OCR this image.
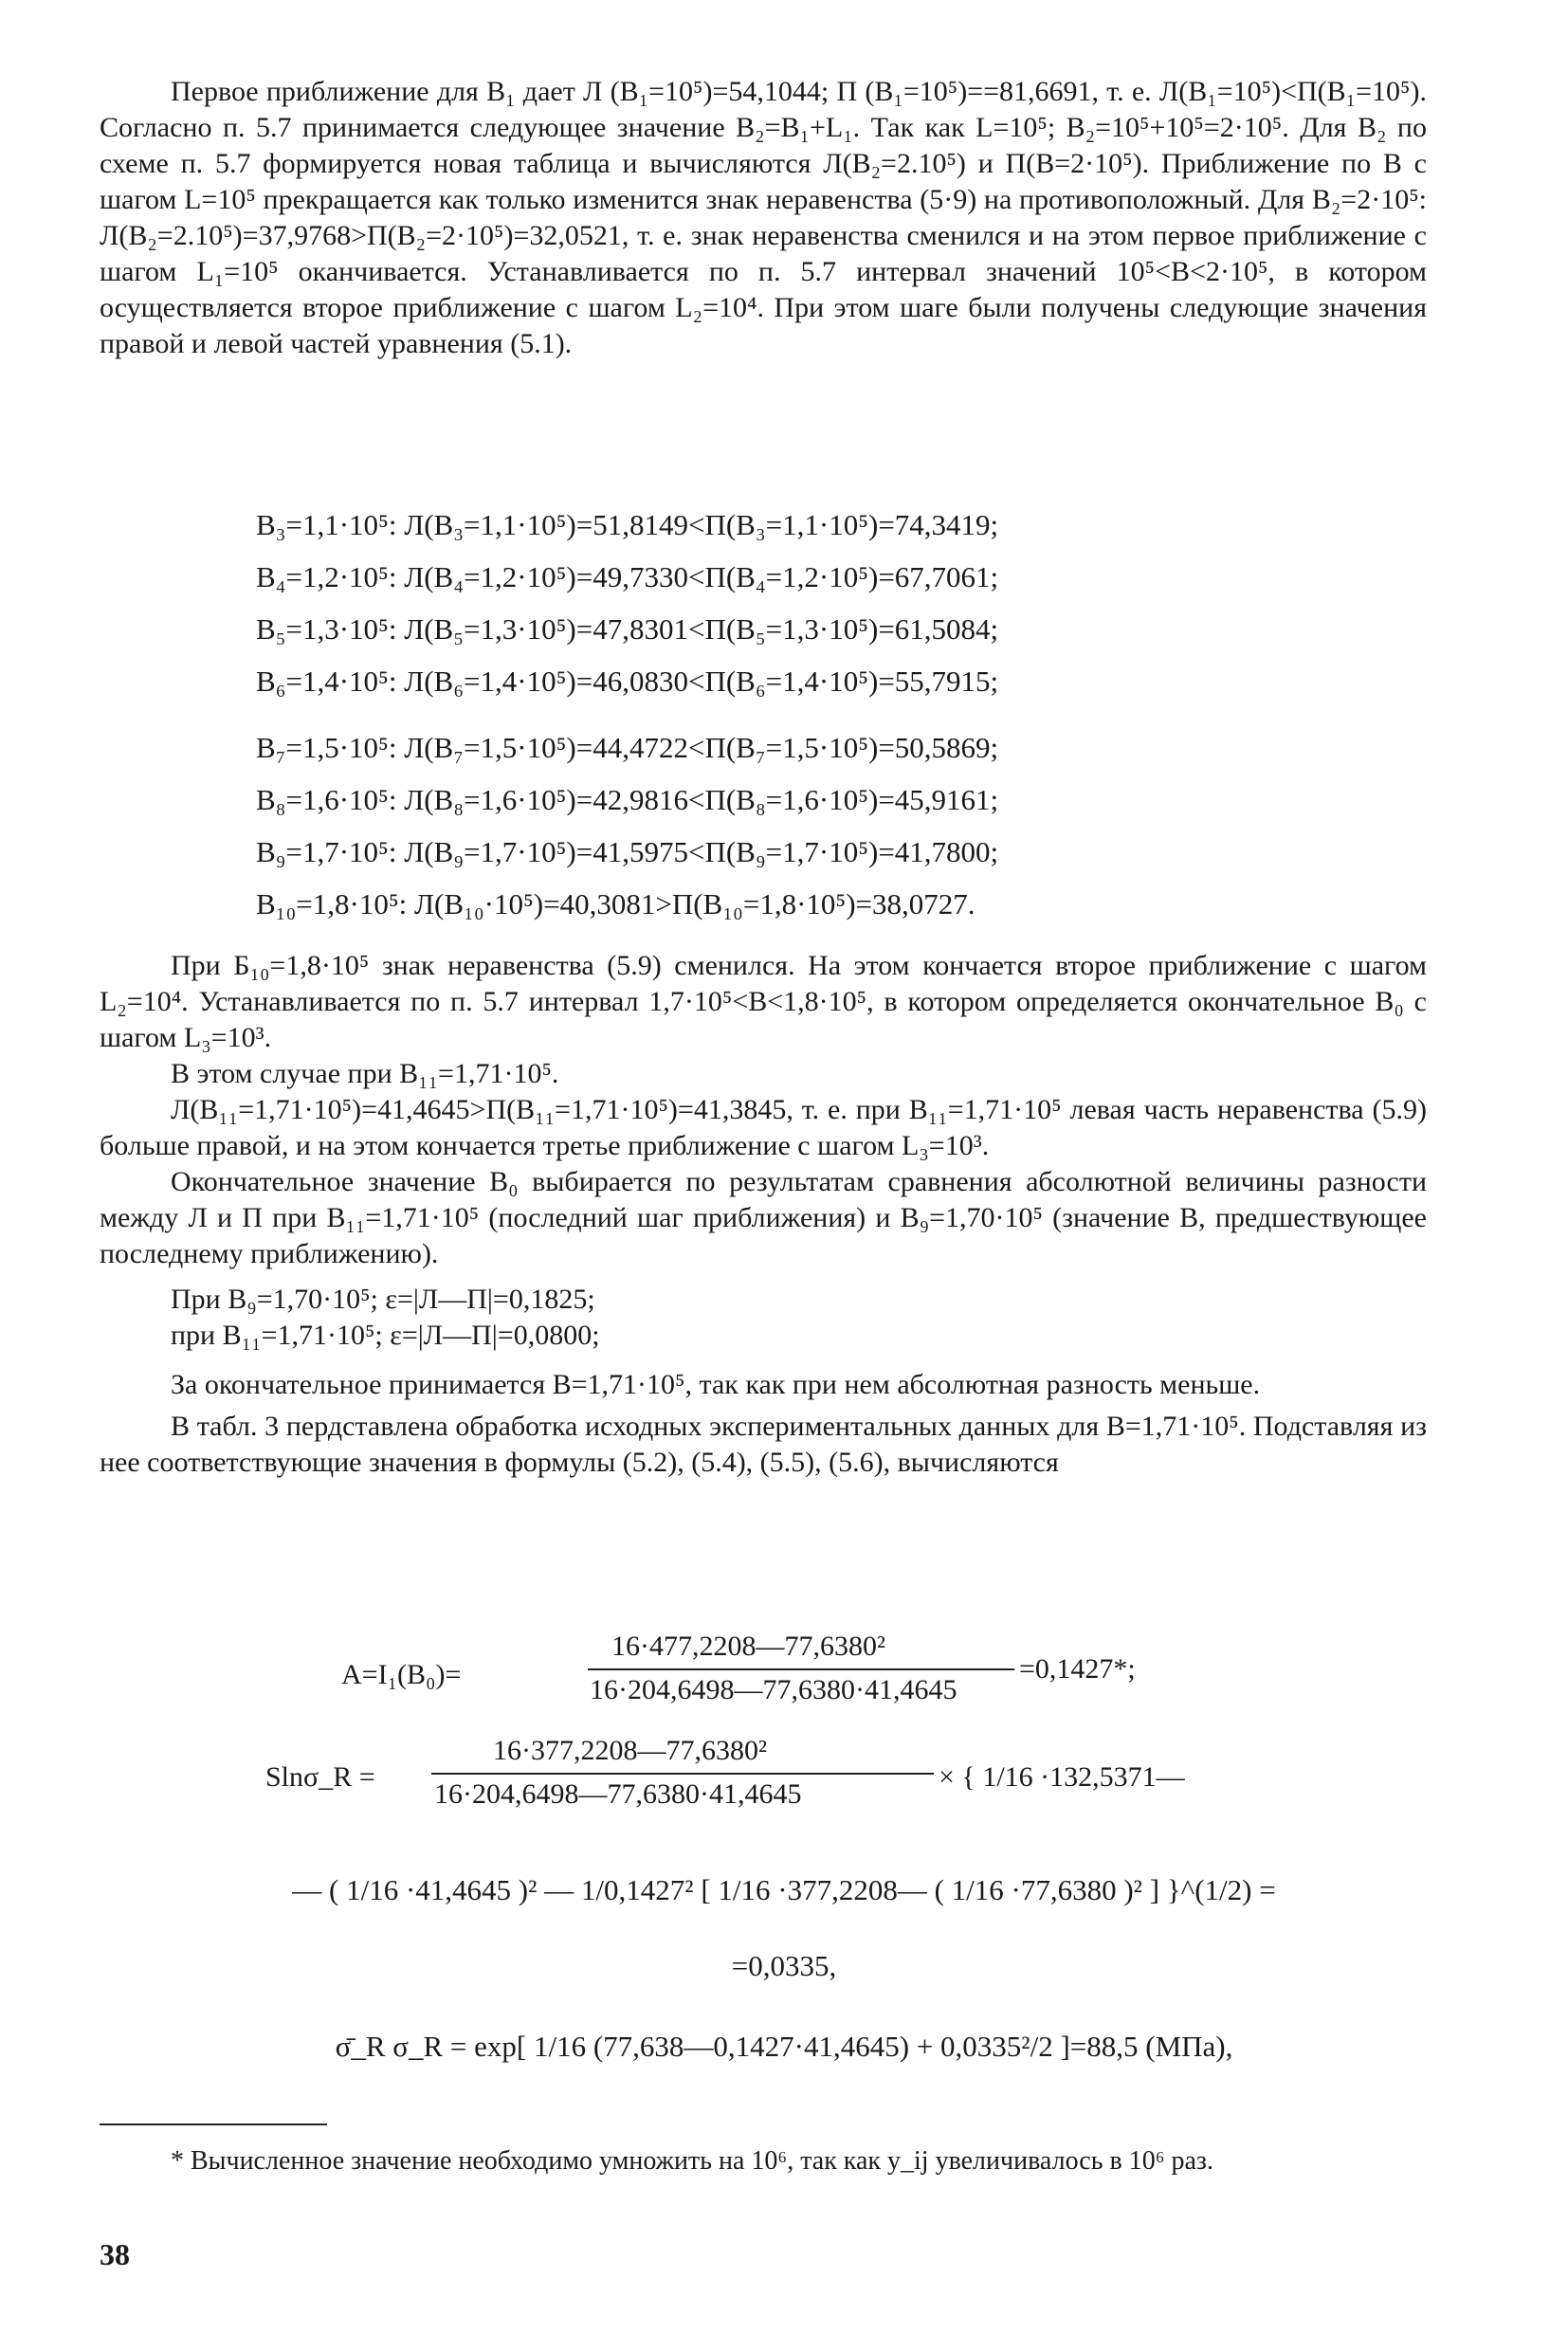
Первое приближение для B₁ дает Л (B₁=10⁵)=54,1044; П (B₁=10⁵)==81,6691, т. е. Л(B₁=10⁵)<П(B₁=10⁵). Согласно п. 5.7 принимается следующее значение B₂=B₁+L₁. Так как L=10⁵; B₂=10⁵+10⁵=2·10⁵. Для B₂ по схеме п. 5.7 формируется новая таблица и вычисляются Л(B₂=2.10⁵) и П(B=2·10⁵). Приближение по B с шагом L=10⁵ прекращается как только изменится знак неравенства (5·9) на противоположный. Для B₂=2·10⁵: Л(B₂=2.10⁵)=37,9768>П(B₂=2·10⁵)=32,0521, т. е. знак неравенства сменился и на этом первое приближение с шагом L₁=10⁵ оканчивается. Устанавливается по п. 5.7 интервал значений 10⁵<B<2·10⁵, в котором осуществляется второе приближение с шагом L₂=10⁴. При этом шаге были получены следующие значения правой и левой частей уравнения (5.1).

B₃=1,1·10⁵: Л(B₃=1,1·10⁵)=51,8149<П(B₃=1,1·10⁵)=74,3419;
B₄=1,2·10⁵: Л(B₄=1,2·10⁵)=49,7330<П(B₄=1,2·10⁵)=67,7061;
B₅=1,3·10⁵: Л(B₅=1,3·10⁵)=47,8301<П(B₅=1,3·10⁵)=61,5084;
B₆=1,4·10⁵: Л(B₆=1,4·10⁵)=46,0830<П(B₆=1,4·10⁵)=55,7915;
B₇=1,5·10⁵: Л(B₇=1,5·10⁵)=44,4722<П(B₇=1,5·10⁵)=50,5869;
B₈=1,6·10⁵: Л(B₈=1,6·10⁵)=42,9816<П(B₈=1,6·10⁵)=45,9161;
B₉=1,7·10⁵: Л(B₉=1,7·10⁵)=41,5975<П(B₉=1,7·10⁵)=41,7800;
B₁₀=1,8·10⁵: Л(B₁₀·10⁵)=40,3081>П(B₁₀=1,8·10⁵)=38,0727.

При Б₁₀=1,8·10⁵ знак неравенства (5.9) сменился. На этом кончается второе приближение с шагом L₂=10⁴. Устанавливается по п. 5.7 интервал 1,7·10⁵<B<1,8·10⁵, в котором определяется окончательное B₀ с шагом L₃=10³.

В этом случае при B₁₁=1,71·10⁵.

Л(B₁₁=1,71·10⁵)=41,4645>П(B₁₁=1,71·10⁵)=41,3845, т. е. при B₁₁=1,71·10⁵ левая часть неравенства (5.9) больше правой, и на этом кончается третье приближение с шагом L₃=10³.

Окончательное значение B₀ выбирается по результатам сравнения абсолютной величины разности между Л и П при B₁₁=1,71·10⁵ (последний шаг приближения) и B₉=1,70·10⁵ (значение B, предшествующее последнему приближению).

При B₉=1,70·10⁵; ε=|Л—П|=0,1825;

при B₁₁=1,71·10⁵; ε=|Л—П|=0,0800;

За окончательное принимается B=1,71·10⁵, так как при нем абсолютная разность меньше.

В табл. 3 пердставлена обработка исходных экспериментальных данных для B=1,71·10⁵. Подставляя из нее соответствующие значения в формулы (5.2), (5.4), (5.5), (5.6), вычисляются

A=I₁(B₀)=
16·477,2208—77,6380²
16·204,6498—77,6380·41,4645
=0,1427*;
Slnσ_R =
16·377,2208—77,6380²
16·204,6498—77,6380·41,4645
× { 1/16 ·132,5371—
— ( 1/16 ·41,4645 )² — 1/0,1427² [ 1/16 ·377,2208— ( 1/16 ·77,6380 )² ] }^(1/2) =
=0,0335,
σ̄_R σ_R = exp[ 1/16 (77,638—0,1427·41,4645) + 0,0335²/2 ]=88,5 (МПа),
* Вычисленное значение необходимо умножить на 10⁶, так как y_ij увеличивалось в 10⁶ раз.
38
